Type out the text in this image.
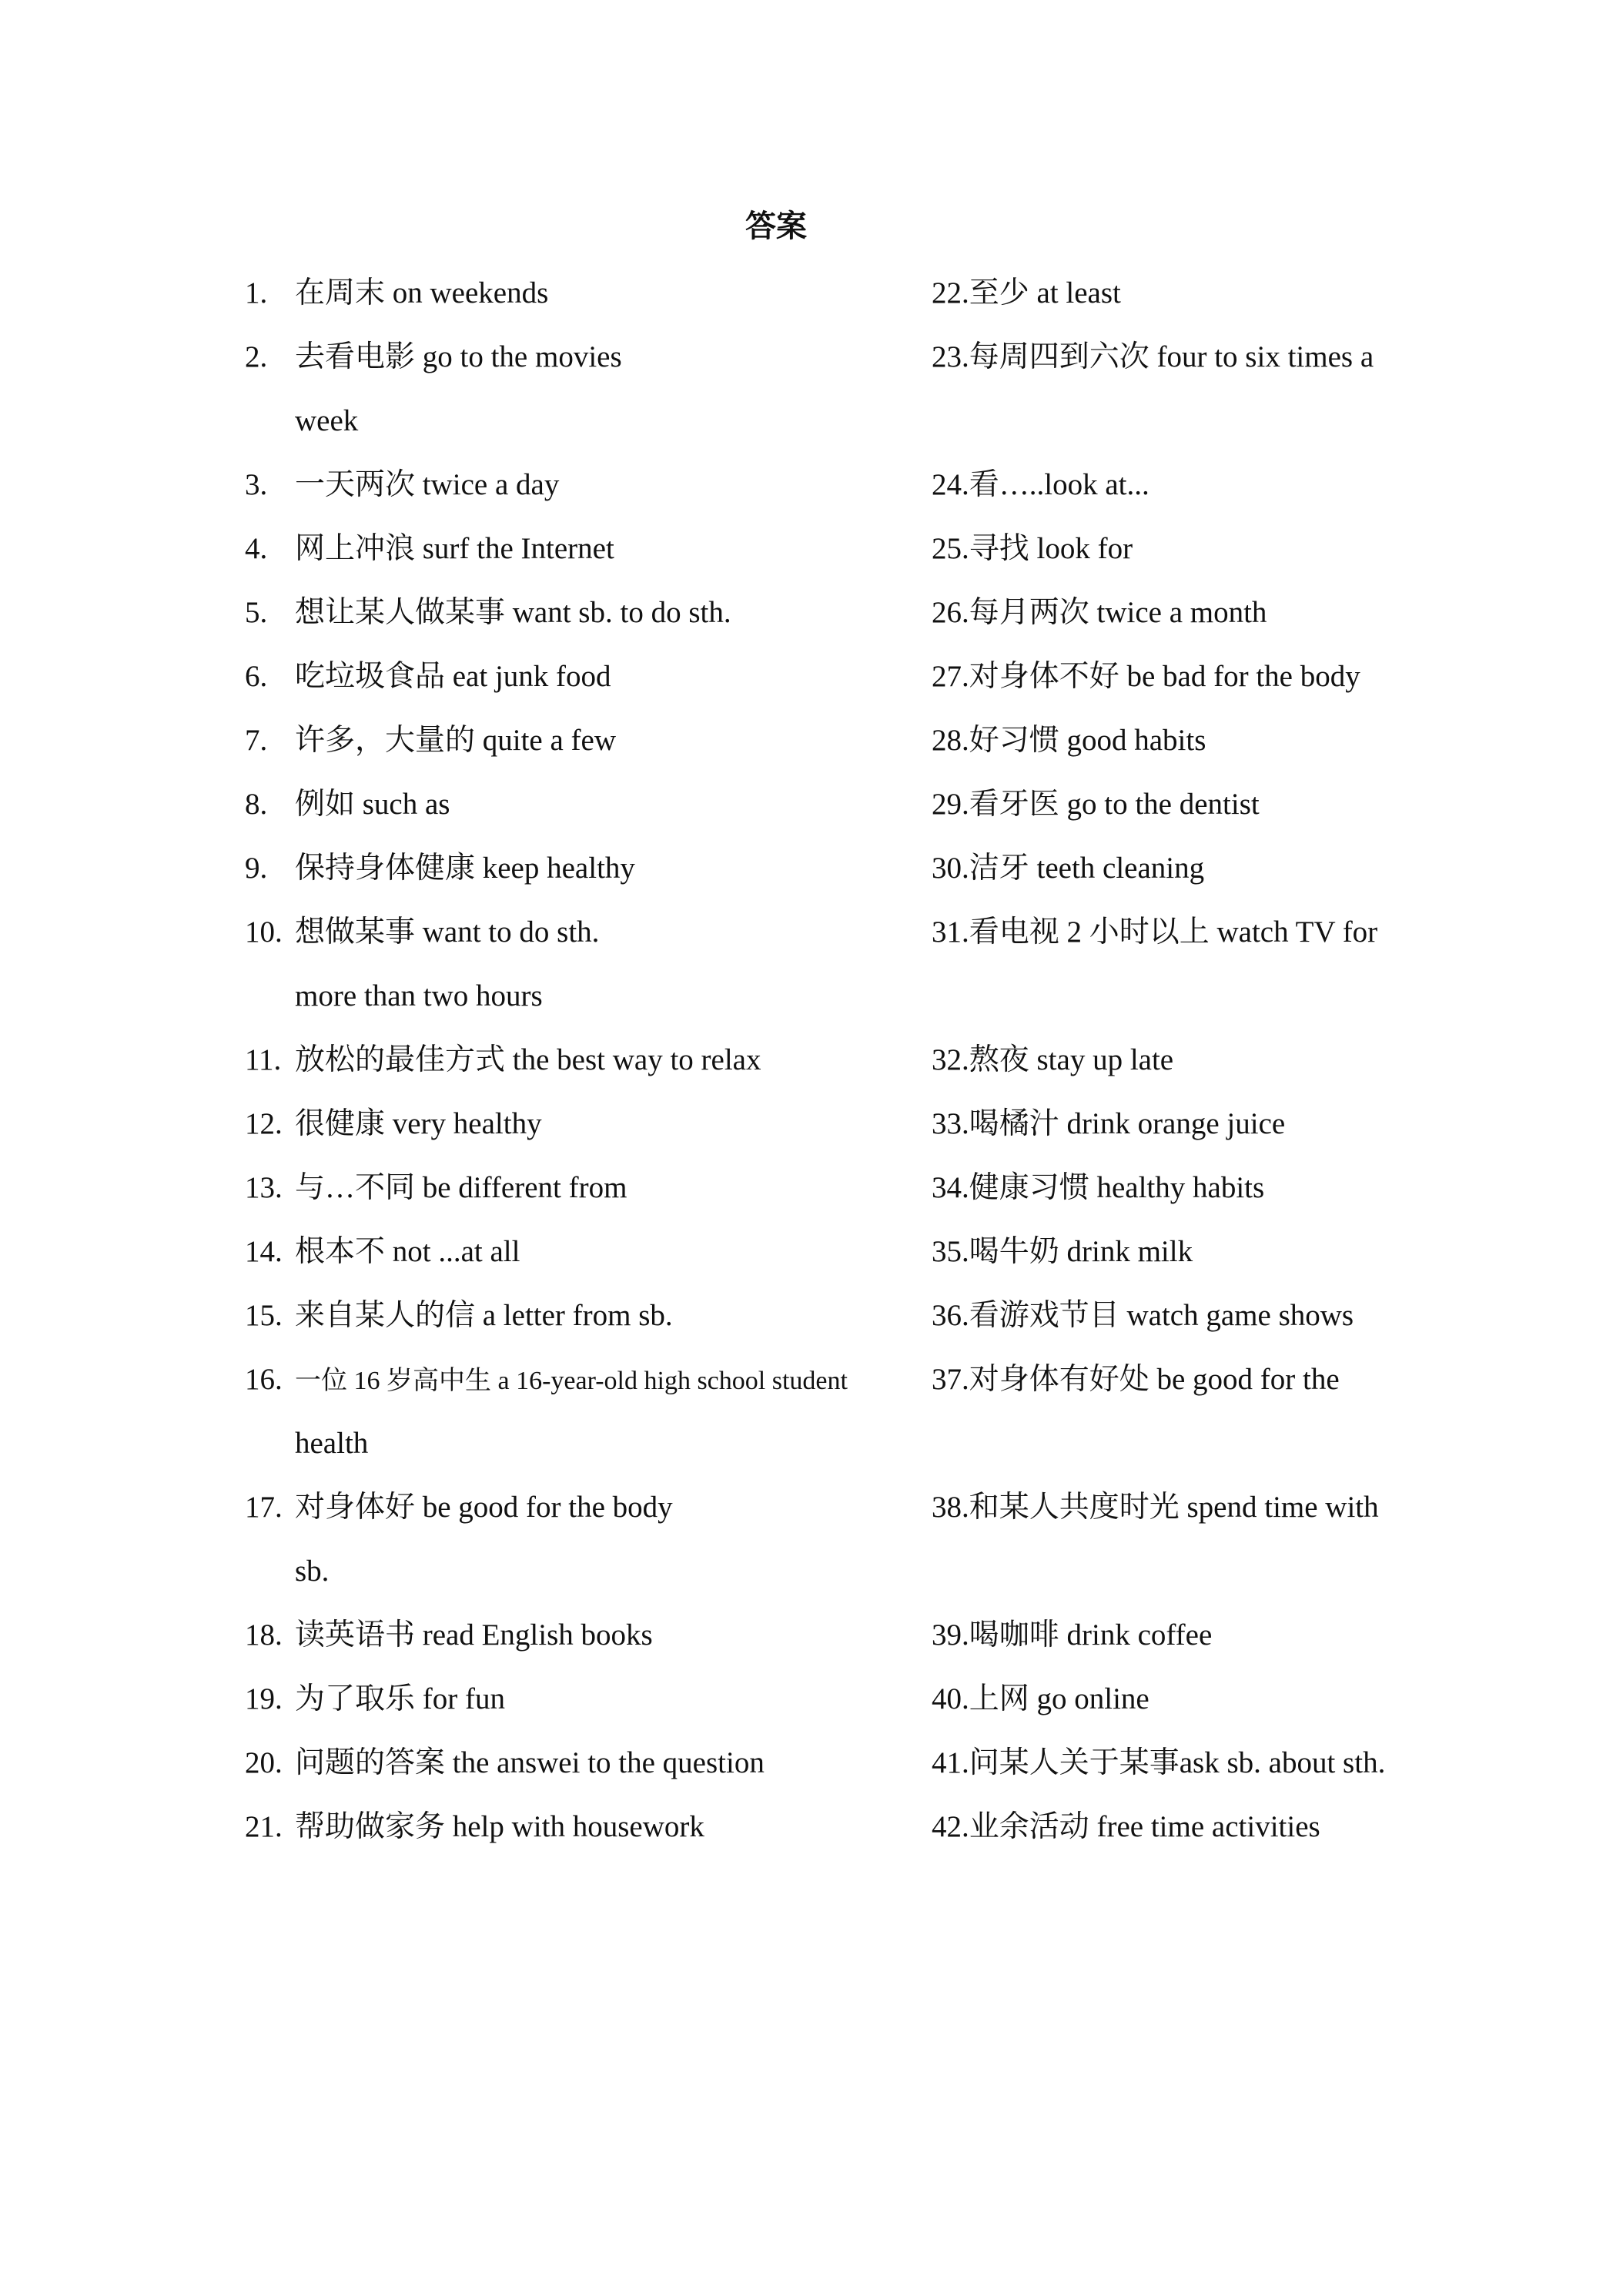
答案
1. 在周末 on weekends
2. 去看电影 go to the movies
week
3. 一天两次 twice a day
4. 网上冲浪 surf the Internet
5. 想让某人做某事 want sb. to do sth.
6. 吃垃圾食品 eat junk food
7. 许多，大量的 quite a few
8. 例如 such as
9. 保持身体健康 keep healthy
10. 想做某事 want to do sth.
more than two hours
11. 放松的最佳方式 the best way to relax
12. 很健康 very healthy
13. 与…不同 be different from
14. 根本不 not ...at all
15. 来自某人的信 a letter from sb.
16. 一位 16 岁高中生 a 16-year-old high school student
health
17. 对身体好 be good for the body
sb.
18. 读英语书 read English books
19. 为了取乐 for fun
20. 问题的答案 the answei to the question
21. 帮助做家务 help with housework
22.至少 at least
23.每周四到六次 four to six times a
24.看…..look at...
25.寻找 look for
26.每月两次 twice a month
27.对身体不好 be bad for the body
28.好习惯 good habits
29.看牙医 go to the dentist
30.洁牙 teeth cleaning
31.看电视 2 小时以上 watch TV for
32.熬夜 stay up late
33.喝橘汁 drink orange juice
34.健康习惯 healthy habits
35.喝牛奶 drink milk
36.看游戏节目 watch game shows
37.对身体有好处 be good for the
38.和某人共度时光 spend time with
39.喝咖啡 drink coffee
40.上网 go online
41.问某人关于某事ask sb. about sth.
42.业余活动 free time activities
